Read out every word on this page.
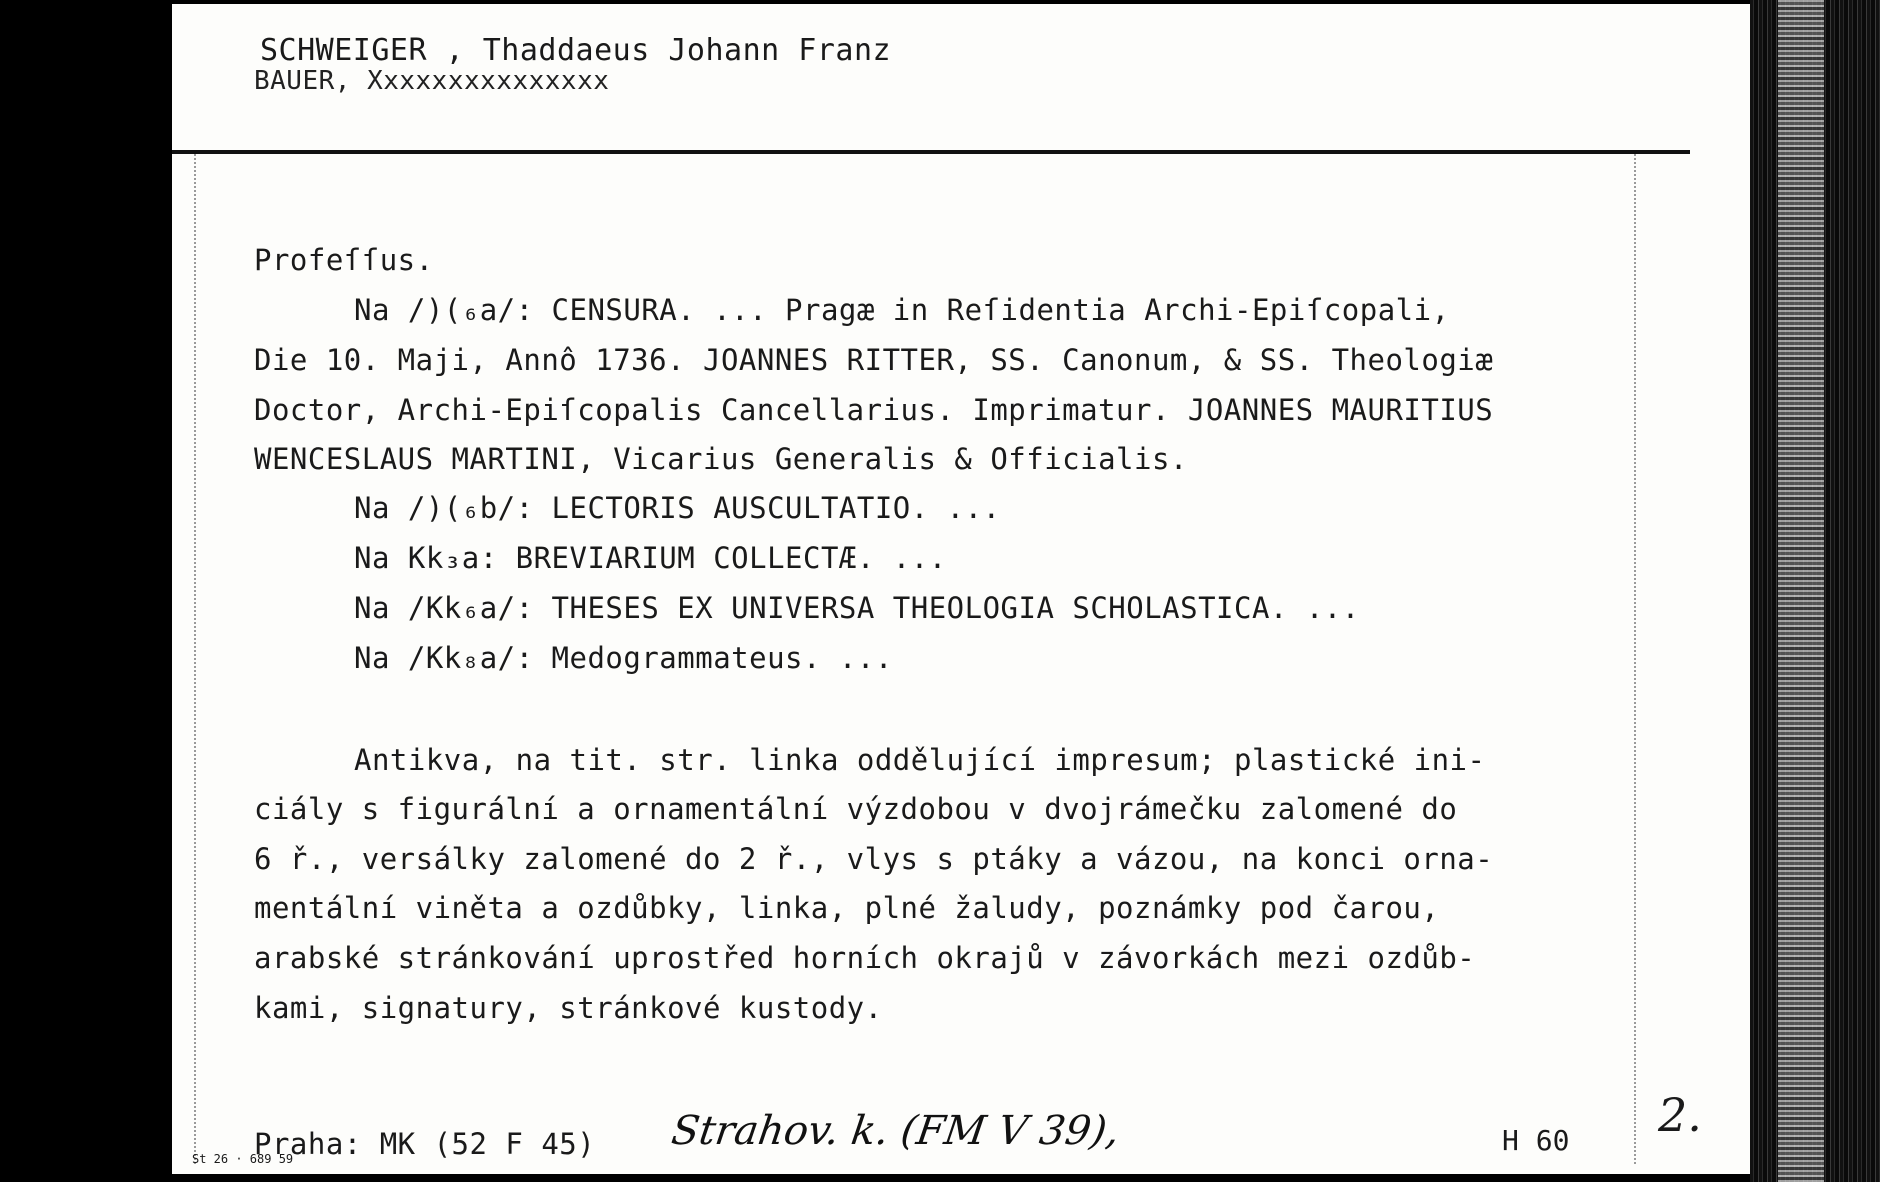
SCHWEIGER , Thaddaeus Johann Franz
BAUER, Xxxxxxxxxxxxxxx
Profeſſus.
Na /)(₆a/: CENSURA. ... Pragæ in Reſidentia Archi-Epiſcopali,
Die 10. Maji, Annô 1736. JOANNES RITTER, SS. Canonum, & SS. Theologiæ
Doctor, Archi-Epiſcopalis Cancellarius. Imprimatur. JOANNES MAURITIUS
WENCESLAUS MARTINI, Vicarius Generalis & Officialis.
Na /)(₆b/: LECTORIS AUSCULTATIO. ...
Na Kk₃a: BREVIARIUM COLLECTÆ. ...
Na /Kk₆a/: THESES EX UNIVERSA THEOLOGIA SCHOLASTICA. ...
Na /Kk₈a/: Medogrammateus. ...
Antikva, na tit. str. linka oddělující impresum; plastické ini-
ciály s figurální a ornamentální výzdobou v dvojrámečku zalomené do
6 ř., versálky zalomené do 2 ř., vlys s ptáky a vázou, na konci orna-
mentální viněta a ozdůbky, linka, plné žaludy, poznámky pod čarou,
arabské stránkování uprostřed horních okrajů v závorkách mezi ozdůb-
kami, signatury, stránkové kustody.
Praha: MK (52 F 45) Strahov. k. (FM V 39),	H 60 2.
St 26 · 689 59
